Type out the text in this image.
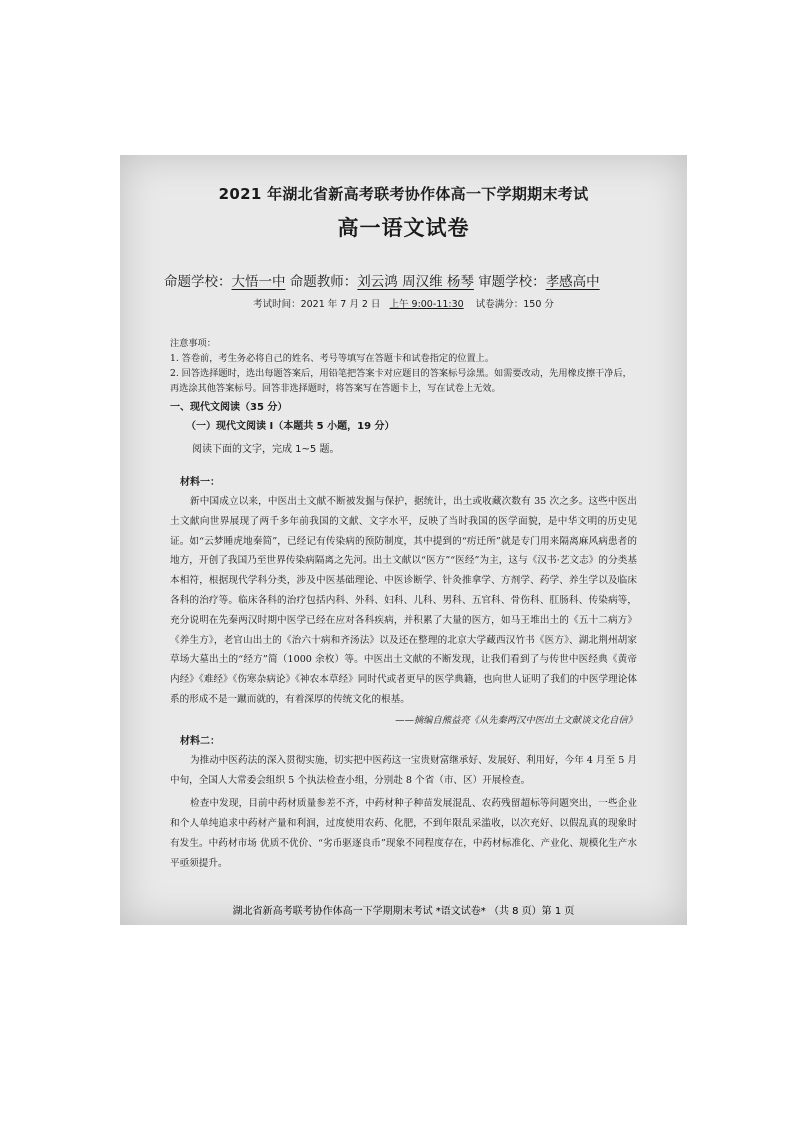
2021 年湖北省新高考联考协作体高一下学期期末考试
高一语文试卷
命题学校：大悟一中 命题教师：刘云鸿 周汉维 杨琴 审题学校：孝感高中
考试时间：2021 年 7 月 2 日 上午 9:00-11:30 试卷满分：150 分

注意事项：

1. 答卷前，考生务必将自己的姓名、考号等填写在答题卡和试卷指定的位置上。

2. 回答选择题时，选出每题答案后，用铅笔把答案卡对应题目的答案标号涂黑。如需要改动，先用橡皮擦干净后，再选涂其他答案标号。回答非选择题时，将答案写在答题卡上，写在试卷上无效。

一、现代文阅读（35 分）
（一）现代文阅读 I（本题共 5 小题，19 分）
阅读下面的文字，完成 1~5 题。
材料一：

新中国成立以来，中医出土文献不断被发掘与保护，据统计，出土或收藏次数有 35 次之多。这些中医出土文献向世界展现了两千多年前我国的文献、文字水平，反映了当时我国的医学面貌，是中华文明的历史见证。如“云梦睡虎地秦简”，已经记有传染病的预防制度，其中提到的“疠迁所”就是专门用来隔离麻风病患者的地方，开创了我国乃至世界传染病隔离之先河。出土文献以“医方”“医经”为主，这与《汉书·艺文志》的分类基本相符，根据现代学科分类，涉及中医基础理论、中医诊断学、针灸推拿学、方剂学、药学、养生学以及临床各科的治疗等。临床各科的治疗包括内科、外科、妇科、儿科、男科、五官科、骨伤科、肛肠科、传染病等，充分说明在先秦两汉时期中医学已经在应对各科疾病，并积累了大量的医方，如马王堆出土的《五十二病方》《养生方》，老官山出土的《治六十病和齐汤法》以及还在整理的北京大学藏西汉竹书《医方》、湖北荆州胡家草场大墓出土的“经方”简（1000 余枚）等。中医出土文献的不断发现，让我们看到了与传世中医经典《黄帝内经》《难经》《伤寒杂病论》《神农本草经》同时代或者更早的医学典籍，也向世人证明了我们的中医学理论体系的形成不是一蹴而就的，有着深厚的传统文化的根基。

——摘编自熊益亮《从先秦两汉中医出土文献谈文化自信》
材料二：

为推动中医药法的深入贯彻实施，切实把中医药这一宝贵财富继承好、发展好、利用好，今年 4 月至 5 月中旬，全国人大常委会组织 5 个执法检查小组，分别赴 8 个省（市、区）开展检查。

检查中发现，目前中药材质量参差不齐，中药材种子种苗发展混乱、农药残留超标等问题突出，一些企业和个人单纯追求中药材产量和利润，过度使用农药、化肥，不到年限乱采滥收，以次充好、以假乱真的现象时有发生。中药材市场 优质不优价、“劣币驱逐良币”现象不同程度存在，中药材标准化、产业化、规模化生产水平亟须提升。

湖北省新高考联考协作体高一下学期期末考试 *语文试卷* （共 8 页）第 1 页
